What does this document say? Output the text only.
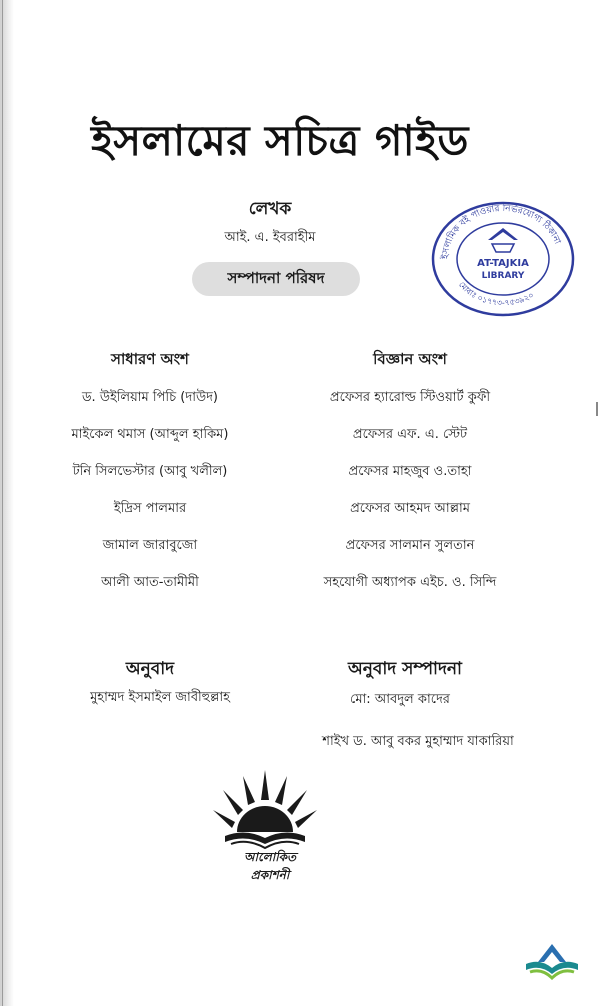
ইসলামের সচিত্র গাইড
লেখক
আই. এ. ইবরাহীম
সম্পাদনা পরিষদ
ইসলামিক বই পাওয়ার নির্ভরযোগ্য ঠিকানা
মোবাঃ ০১৭৭৩-৭৫৩৯২০
AT-TAJKIA
LIBRARY
সাধারণ অংশ
ড. উইলিয়াম পিচি (দাউদ)
মাইকেল থমাস (আব্দুল হাকিম)
টনি সিলভেস্টার (আবু খলীল)
ইদ্রিস পালমার
জামাল জারাবুজো
আলী আত-তামীমী
বিজ্ঞান অংশ
প্রফেসর হ্যারোল্ড স্টিওয়ার্ট কুফী
প্রফেসর এফ. এ. স্টেট
প্রফেসর মাহজুব ও.তাহা
প্রফেসর আহমদ আল্লাম
প্রফেসর সালমান সুলতান
সহযোগী অধ্যাপক এইচ. ও. সিন্দি
অনুবাদ
মুহাম্মদ ইসমাইল জাবীহুল্লাহ
অনুবাদ সম্পাদনা
মো: আবদুল কাদের
শাইখ ড. আবু বকর মুহাম্মাদ যাকারিয়া
আলোকিত
প্রকাশনী
